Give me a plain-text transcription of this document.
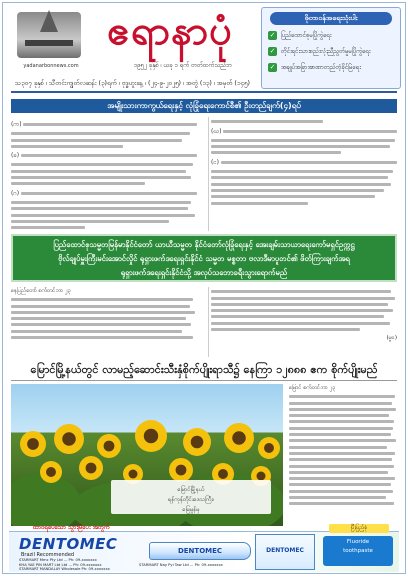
yadanarbonnews.com
ဧရာနာပုံ
၁၉၅၂ ခုနှစ် ၊ ယခု ၁ ရက် တတ်ထက်သည်ဘ
သ၃၀၇ ခုနှစ် ၊ သီတင်းကျွတ်လဆန်း (၃)ရက် ၊ ဗုဒ္ဓဟူးနေ့ ၊ (၂၄-၉-၂၀၂၅) ၊ အတွဲ (၁၃) ၊ အမှတ် (၁၄၅)
ဖိုတာဝန်အရေးသုံးပါး
✓ ပြည်ထောင်စုမပြိုကွဲရေး
✓ တိုင်းရင်းသားစည်းလုံးညီညွတ်မှုမပြိုကွဲရေး
✓ အချုပ်အခြာအာဏာတည်တံ့ခိုင်မြဲရေး
အမျိုးသားကာကွယ်ရေးနှင့် လုံခြုံရေးကောင်စီ၏ ဦးတည်ချက်(၄)ရပ်
(က)

(ခ)

(ဂ)

(ဃ)

(င)

ပြည်ထောင်စုသမ္မတမြန်မာနိုင်ငံတော် ယာယီသမ္မတ နိုင်ငံတော်လုံခြုံရေးနှင့် အေးချမ်းသာယာရေးကော်မရှင်ဥက္ကဋ္ဌ
ဗိုလ်ချုပ်မှူးကြီးမင်းအောင်လှိုင် ရုရှားဖက်ဒရေးရှင်းနိုင်ငံ သမ္မတ မစ္စတာ ဗလာဒီမာပူတင်၏ ဖိတ်ကြားချက်အရ
ရုရှားဖက်ဒရေးရှင်းနိုင်ငံသို့ အလုပ်သဘောခရီးသွားရောက်မည်
နေပြည်တော် စက်တင်ဘာ ၂၃
(မ္မဝ)
မြောင်မြို့နယ်တွင် လာမည့်ဆောင်းသီးနှံစိုက်ပျိုးရာသီ၌ နေကြာ ၁၂၈၈၈ ဧက စိုက်ပျိုးမည်
မြောင်မြို့နယ်
ရန်ကုန်တိုင်းဒေသကြီး၊
မြေမှုန်မှ
မြောင် စက်တင်ဘာ ၂၃
DENTOMEC
Brazil Recommended
STARMART Mmc Pty Ltd ... Ph: 09-xxxxxxx
KHA YAE PIN MART Ltd Ltd ... Ph: 09-xxxxxxx
STARMART MANDALAY Wholesale Ph: 09-xxxxxxx
STARMART Nay Pyi Taw Ltd ... Ph: 09-xxxxxxx
DENTOMEC	DENTOMEC
Fluoride
toothpaste
ထာဝရပေသော သွားမြဲပေး အတွက်	ပြီးပြည့်စုံ
